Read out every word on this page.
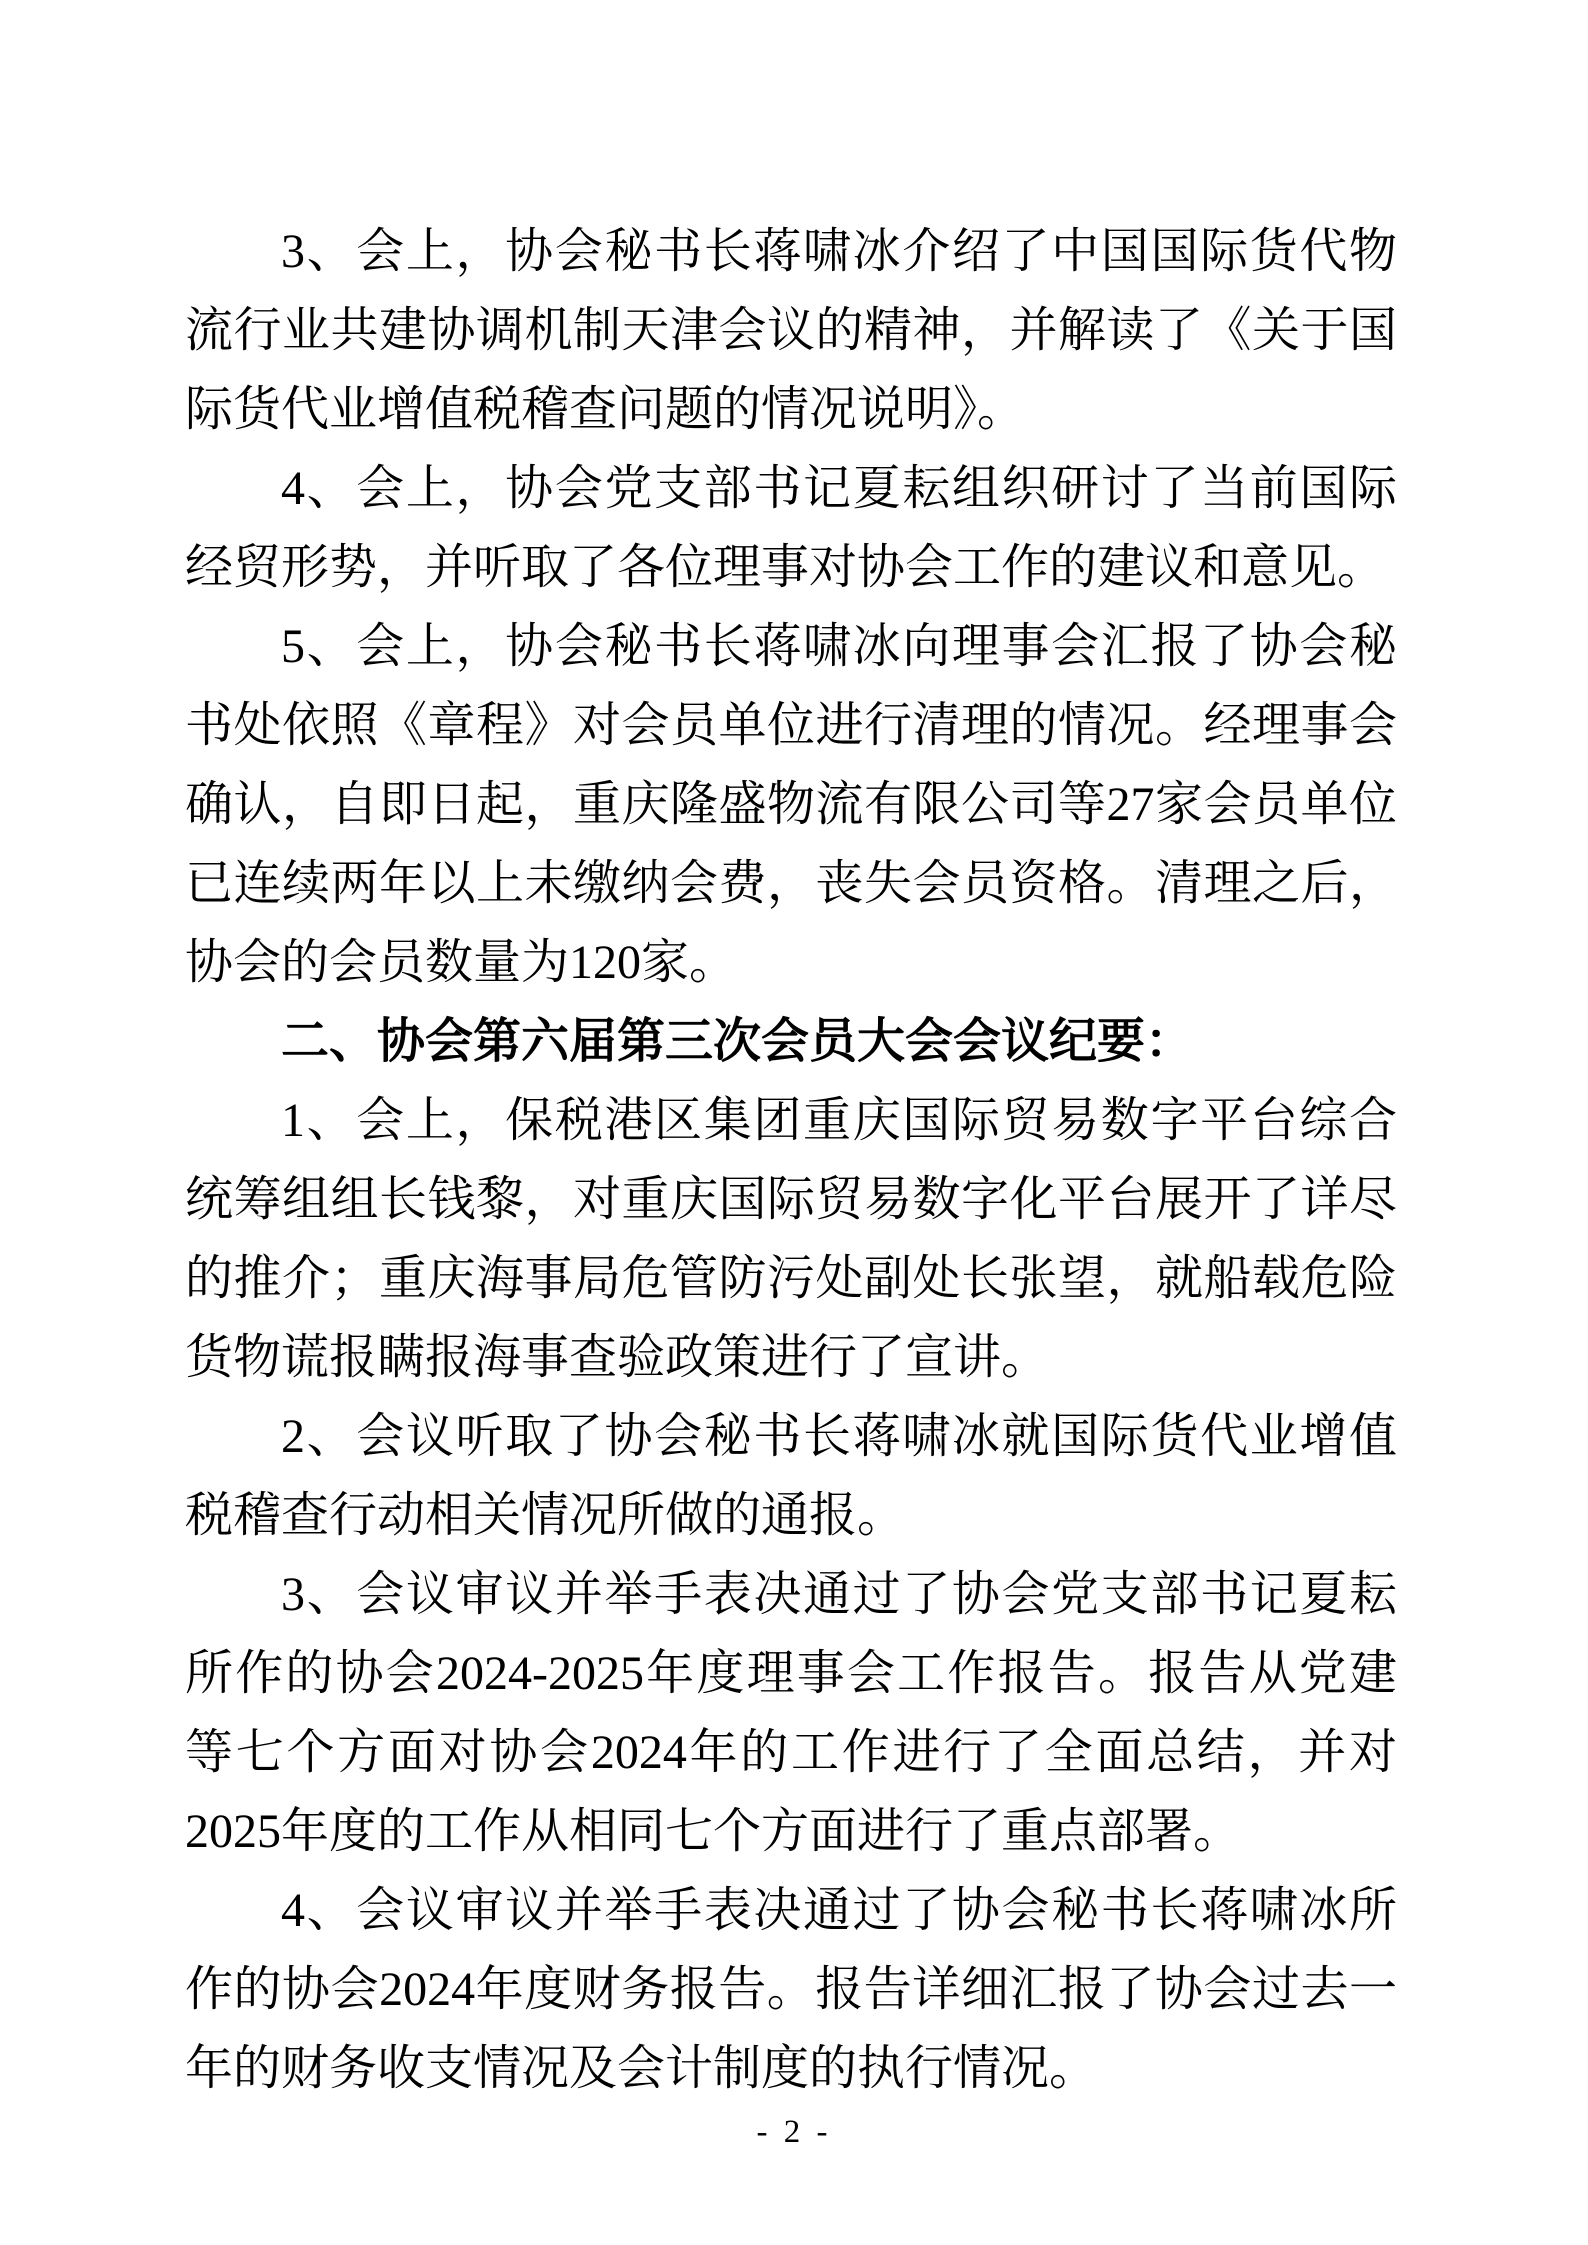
3、会上，协会秘书长蒋啸冰介绍了中国国际货代物流行业共建协调机制天津会议的精神，并解读了《关于国际货代业增值税稽查问题的情况说明》。

4、会上，协会党支部书记夏耘组织研讨了当前国际经贸形势，并听取了各位理事对协会工作的建议和意见。

5、会上，协会秘书长蒋啸冰向理事会汇报了协会秘书处依照《章程》对会员单位进行清理的情况。经理事会确认，自即日起，重庆隆盛物流有限公司等27家会员单位已连续两年以上未缴纳会费，丧失会员资格。清理之后，协会的会员数量为120家。

二、协会第六届第三次会员大会会议纪要：

1、会上，保税港区集团重庆国际贸易数字平台综合统筹组组长钱黎，对重庆国际贸易数字化平台展开了详尽的推介；重庆海事局危管防污处副处长张望，就船载危险货物谎报瞒报海事查验政策进行了宣讲。

2、会议听取了协会秘书长蒋啸冰就国际货代业增值税稽查行动相关情况所做的通报。

3、会议审议并举手表决通过了协会党支部书记夏耘所作的协会2024-2025年度理事会工作报告。报告从党建等七个方面对协会2024年的工作进行了全面总结，并对2025年度的工作从相同七个方面进行了重点部署。

4、会议审议并举手表决通过了协会秘书长蒋啸冰所作的协会2024年度财务报告。报告详细汇报了协会过去一年的财务收支情况及会计制度的执行情况。

- 2 -
